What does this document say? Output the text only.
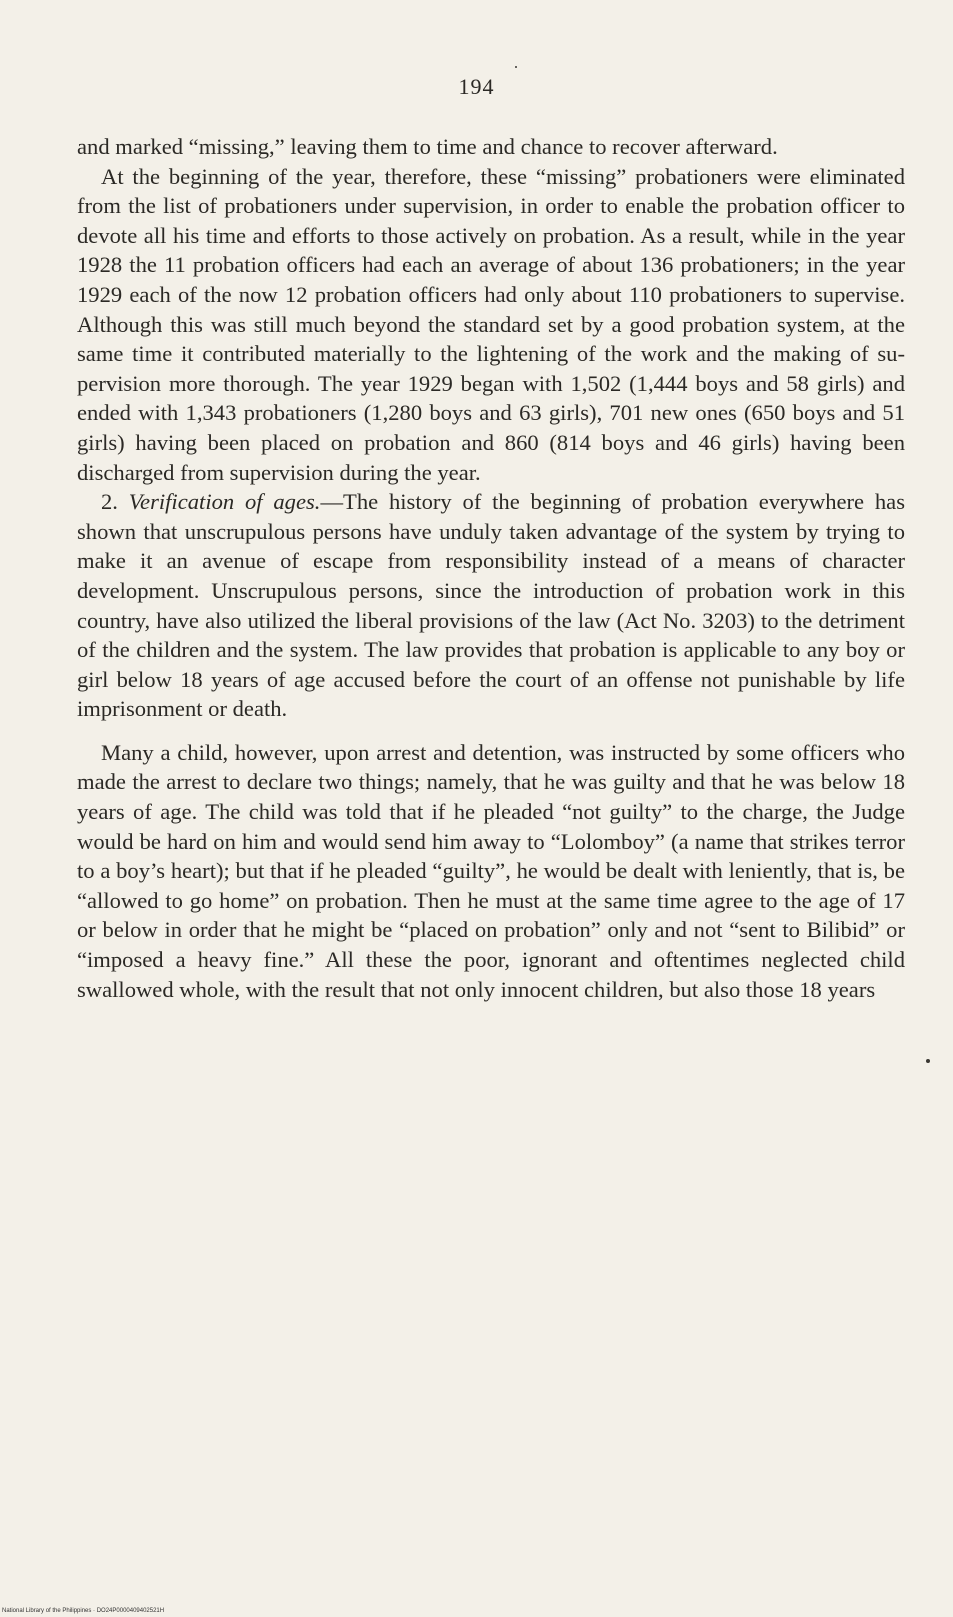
194

and marked “missing,” leaving them to time and chance to recover afterward.

At the beginning of the year, therefore, these “missing” probationers were eliminated from the list of probationers under supervision, in order to enable the probation officer to devote all his time and efforts to those actively on probation. As a result, while in the year 1928 the 11 probation officers had each an average of about 136 probationers; in the year 1929 each of the now 12 probation officers had only about 110 probationers to supervise. Although this was still much beyond the standard set by a good probation system, at the same time it contributed materially to the lightening of the work and the making of supervision more thorough. The year 1929 began with 1,502 (1,444 boys and 58 girls) and ended with 1,343 probationers (1,280 boys and 63 girls), 701 new ones (650 boys and 51 girls) having been placed on probation and 860 (814 boys and 46 girls) having been discharged from supervision during the year.

2. Verification of ages.—The history of the beginning of probation everywhere has shown that unscrupulous persons have unduly taken advantage of the system by trying to make it an avenue of escape from responsibility instead of a means of character development. Unscrupulous persons, since the introduction of probation work in this country, have also utilized the liberal provisions of the law (Act No. 3203) to the detriment of the children and the system. The law provides that probation is applicable to any boy or girl below 18 years of age accused before the court of an offense not punishable by life imprisonment or death.

Many a child, however, upon arrest and detention, was instructed by some officers who made the arrest to declare two things; namely, that he was guilty and that he was below 18 years of age. The child was told that if he pleaded “not guilty” to the charge, the Judge would be hard on him and would send him away to “Lolomboy” (a name that strikes terror to a boy’s heart); but that if he pleaded “guilty”, he would be dealt with leniently, that is, be “allowed to go home” on probation. Then he must at the same time agree to the age of 17 or below in order that he might be “placed on probation” only and not “sent to Bilibid” or “imposed a heavy fine.” All these the poor, ignorant and oftentimes neglected child swallowed whole, with the result that not only innocent children, but also those 18 years

National Library of the Philippines · DO24P0000409402521H
